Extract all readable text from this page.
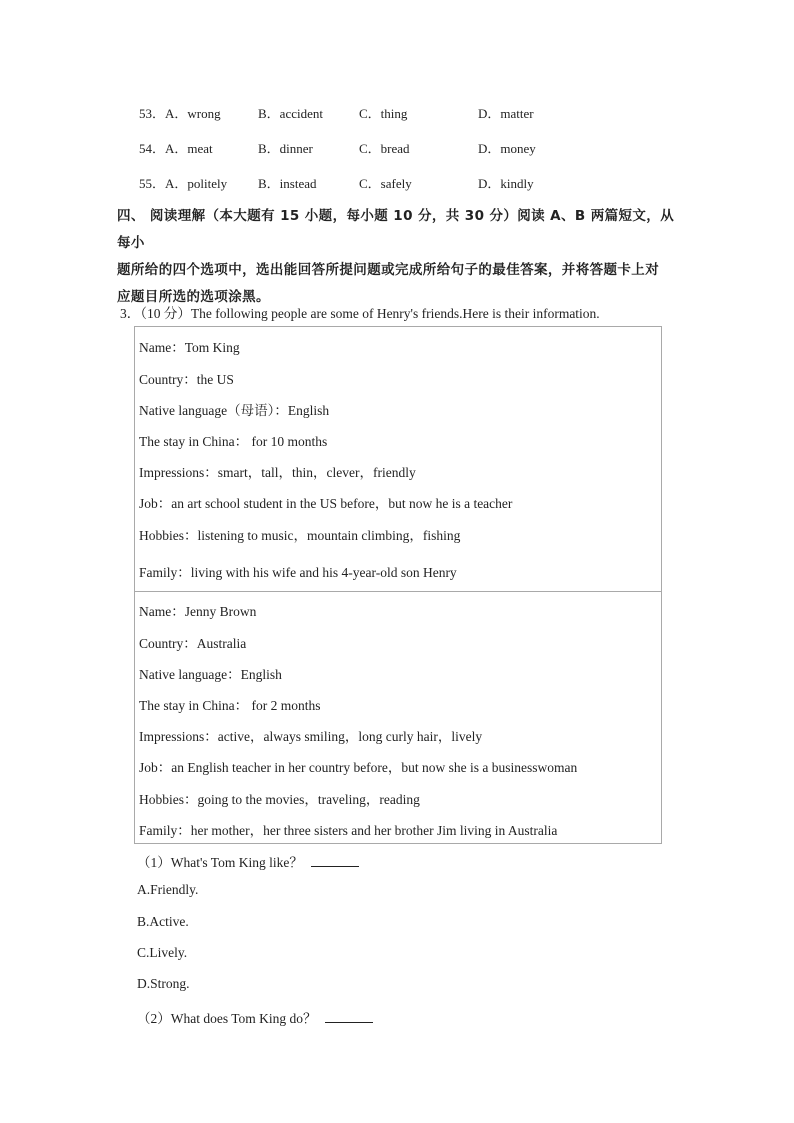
53． A．wrong	B．accident	C．thing	D．matter
54． A．meat	B．dinner	C．bread	D．money
55． A．politely B．instead	C．safely	D．kindly
四、 阅读理解（本大题有 15 小题，每小题 10 分，共 30 分）阅读 A、B 两篇短文，从每小
题所给的四个选项中，选出能回答所提问题或完成所给句子的最佳答案，并将答题卡上对
应题目所选的选项涂黑。
3．（10 分）The following people are some of Henry's friends.Here is their information.
Name：Tom King
Country：the US
Native language（母语）：English
The stay in China： for 10 months
Impressions：smart，tall，thin，clever，friendly
Job：an art school student in the US before，but now he is a teacher
Hobbies：listening to music，mountain climbing，fishing
Family：living with his wife and his 4-year-old son Henry
Name：Jenny Brown
Country：Australia
Native language：English
The stay in China： for 2 months
Impressions：active，always smiling，long curly hair，lively
Job：an English teacher in her country before，but now she is a businesswoman
Hobbies：going to the movies，traveling，reading
Family：her mother，her three sisters and her brother Jim living in Australia
（1）What's Tom King like？
A.Friendly.
B.Active.
C.Lively.
D.Strong.
（2）What does Tom King do？
